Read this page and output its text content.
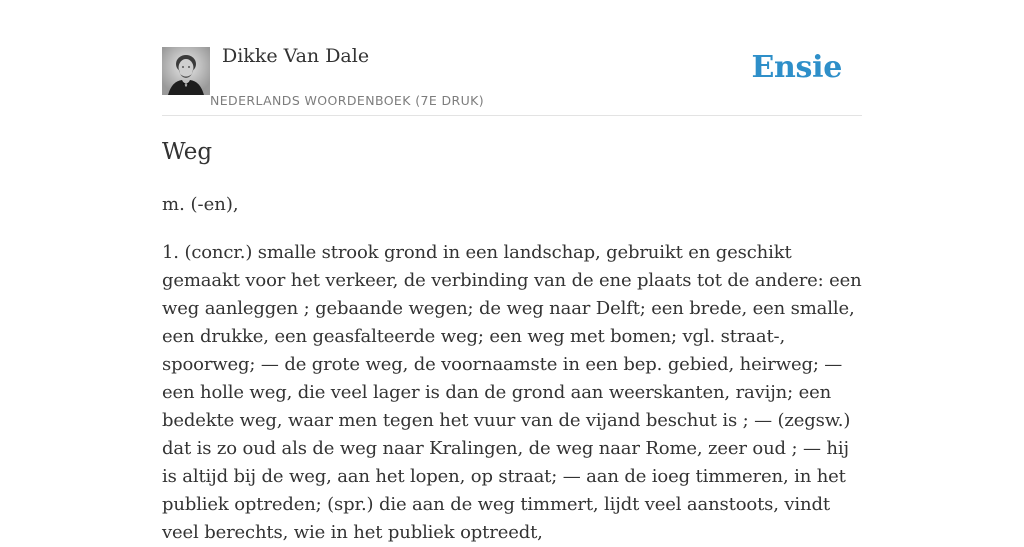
Dikke Van Dale
NEDERLANDS WOORDENBOEK (7E DRUK)
Ensie
Weg

m. (-en),

1. (concr.) smalle strook grond in een landschap, gebruikt en geschikt gemaakt voor het verkeer, de verbinding van de ene plaats tot de andere: een weg aanleggen ; gebaande wegen; de weg naar Delft; een brede, een smalle, een drukke, een geasfalteerde weg; een weg met bomen; vgl. straat-, spoorweg; — de grote weg, de voornaamste in een bep. gebied, heirweg; — een holle weg, die veel lager is dan de grond aan weerskanten, ravijn; een bedekte weg, waar men tegen het vuur van de vijand beschut is ; — (zegsw.) dat is zo oud als de weg naar Kralingen, de weg naar Rome, zeer oud ; — hij is altijd bij de weg, aan het lopen, op straat; — aan de ioeg timmeren, in het publiek optreden; (spr.) die aan de weg timmert, lijdt veel aanstoots, vindt veel berechts, wie in het publiek optreedt,
